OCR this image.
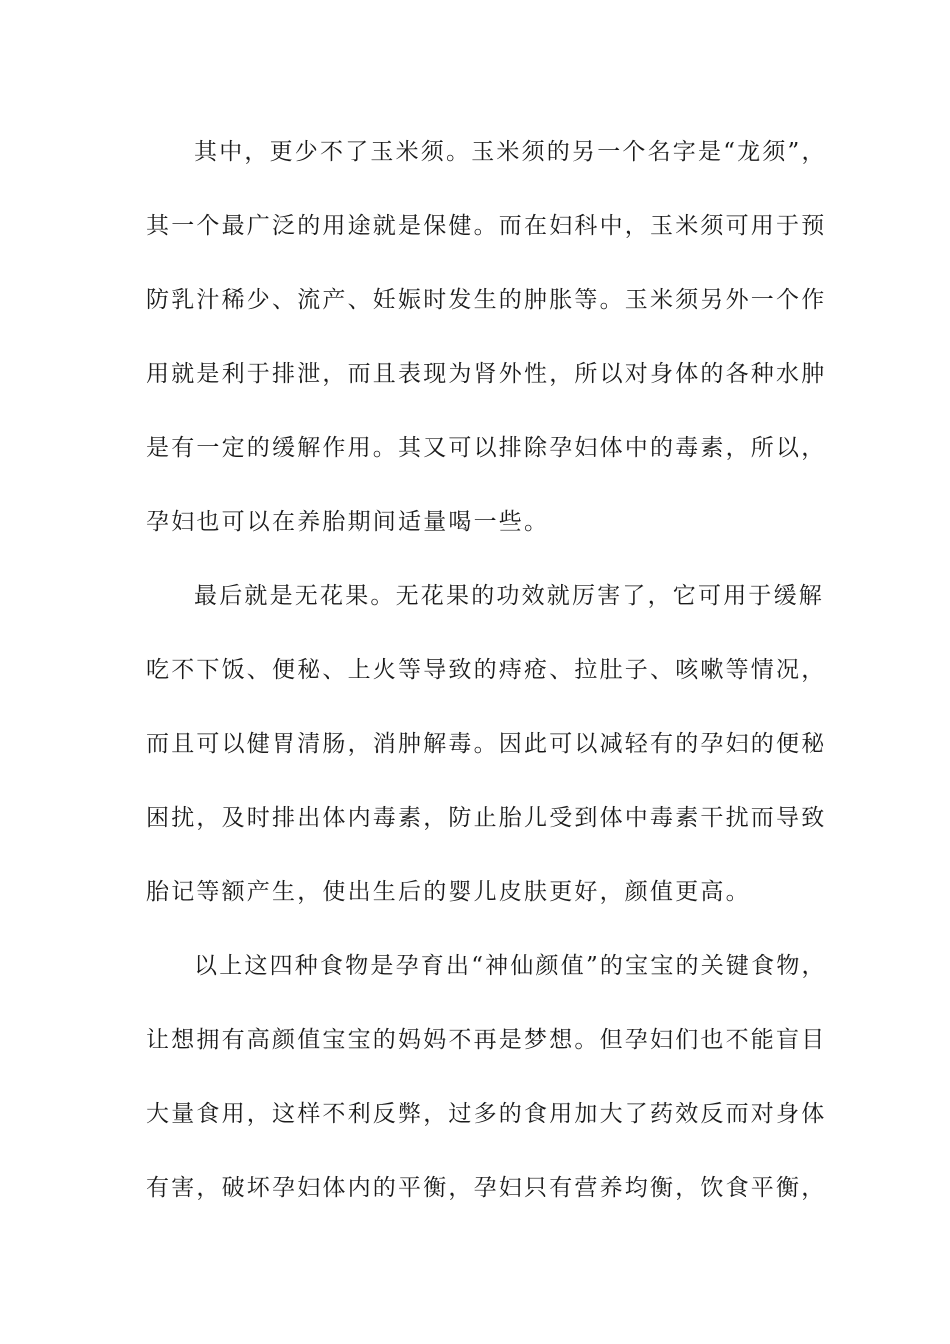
其中，更少不了玉米须。玉米须的另一个名字是“龙须”，
其一个最广泛的用途就是保健。而在妇科中，玉米须可用于预
防乳汁稀少、流产、妊娠时发生的肿胀等。玉米须另外一个作
用就是利于排泄，而且表现为肾外性，所以对身体的各种水肿
是有一定的缓解作用。其又可以排除孕妇体中的毒素，所以，
孕妇也可以在养胎期间适量喝一些。
最后就是无花果。无花果的功效就厉害了，它可用于缓解
吃不下饭、便秘、上火等导致的痔疮、拉肚子、咳嗽等情况，
而且可以健胃清肠，消肿解毒。因此可以减轻有的孕妇的便秘
困扰，及时排出体内毒素，防止胎儿受到体中毒素干扰而导致
胎记等额产生，使出生后的婴儿皮肤更好，颜值更高。
以上这四种食物是孕育出“神仙颜值”的宝宝的关键食物，
让想拥有高颜值宝宝的妈妈不再是梦想。但孕妇们也不能盲目
大量食用，这样不利反弊，过多的食用加大了药效反而对身体
有害，破坏孕妇体内的平衡，孕妇只有营养均衡，饮食平衡，
